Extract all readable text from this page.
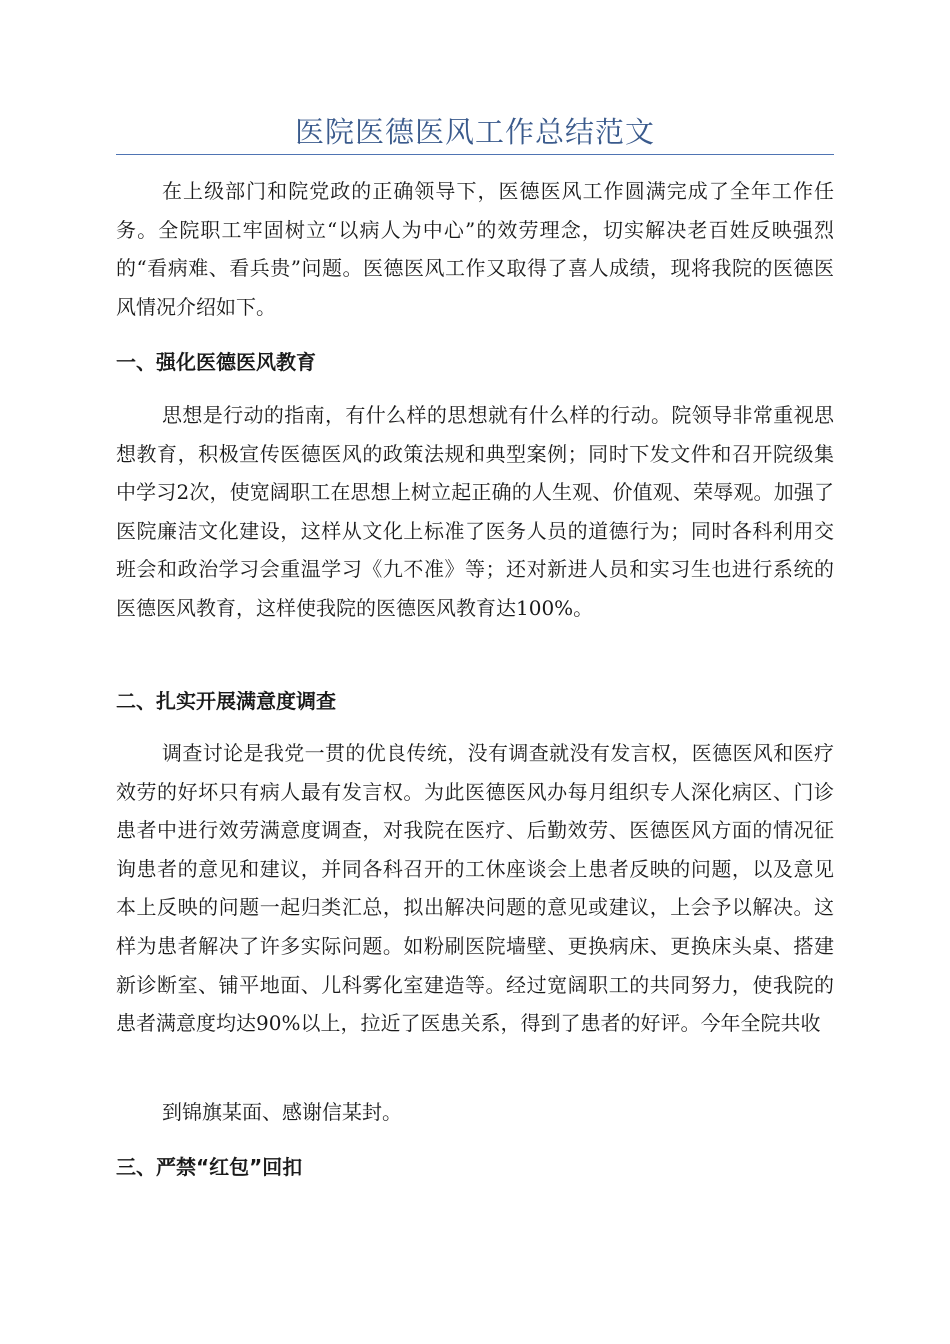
医院医德医风工作总结范文

在上级部门和院党政的正确领导下，医德医风工作圆满完成了全年工作任务。全院职工牢固树立“以病人为中心”的效劳理念，切实解决老百姓反映强烈的“看病难、看兵贵”问题。医德医风工作又取得了喜人成绩，现将我院的医德医风情况介绍如下。

一、强化医德医风教育

思想是行动的指南，有什么样的思想就有什么样的行动。院领导非常重视思想教育，积极宣传医德医风的政策法规和典型案例；同时下发文件和召开院级集中学习2次，使宽阔职工在思想上树立起正确的人生观、价值观、荣辱观。加强了医院廉洁文化建设，这样从文化上标准了医务人员的道德行为；同时各科利用交班会和政治学习会重温学习《九不准》等；还对新进人员和实习生也进行系统的医德医风教育，这样使我院的医德医风教育达100%。

二、扎实开展满意度调查

调查讨论是我党一贯的优良传统，没有调查就没有发言权，医德医风和医疗效劳的好坏只有病人最有发言权。为此医德医风办每月组织专人深化病区、门诊患者中进行效劳满意度调查，对我院在医疗、后勤效劳、医德医风方面的情况征询患者的意见和建议，并同各科召开的工休座谈会上患者反映的问题，以及意见本上反映的问题一起归类汇总，拟出解决问题的意见或建议，上会予以解决。这样为患者解决了许多实际问题。如粉刷医院墙壁、更换病床、更换床头桌、搭建新诊断室、铺平地面、儿科雾化室建造等。经过宽阔职工的共同努力，使我院的患者满意度均达90%以上，拉近了医患关系，得到了患者的好评。今年全院共收

到锦旗某面、感谢信某封。

三、严禁“红包”回扣
